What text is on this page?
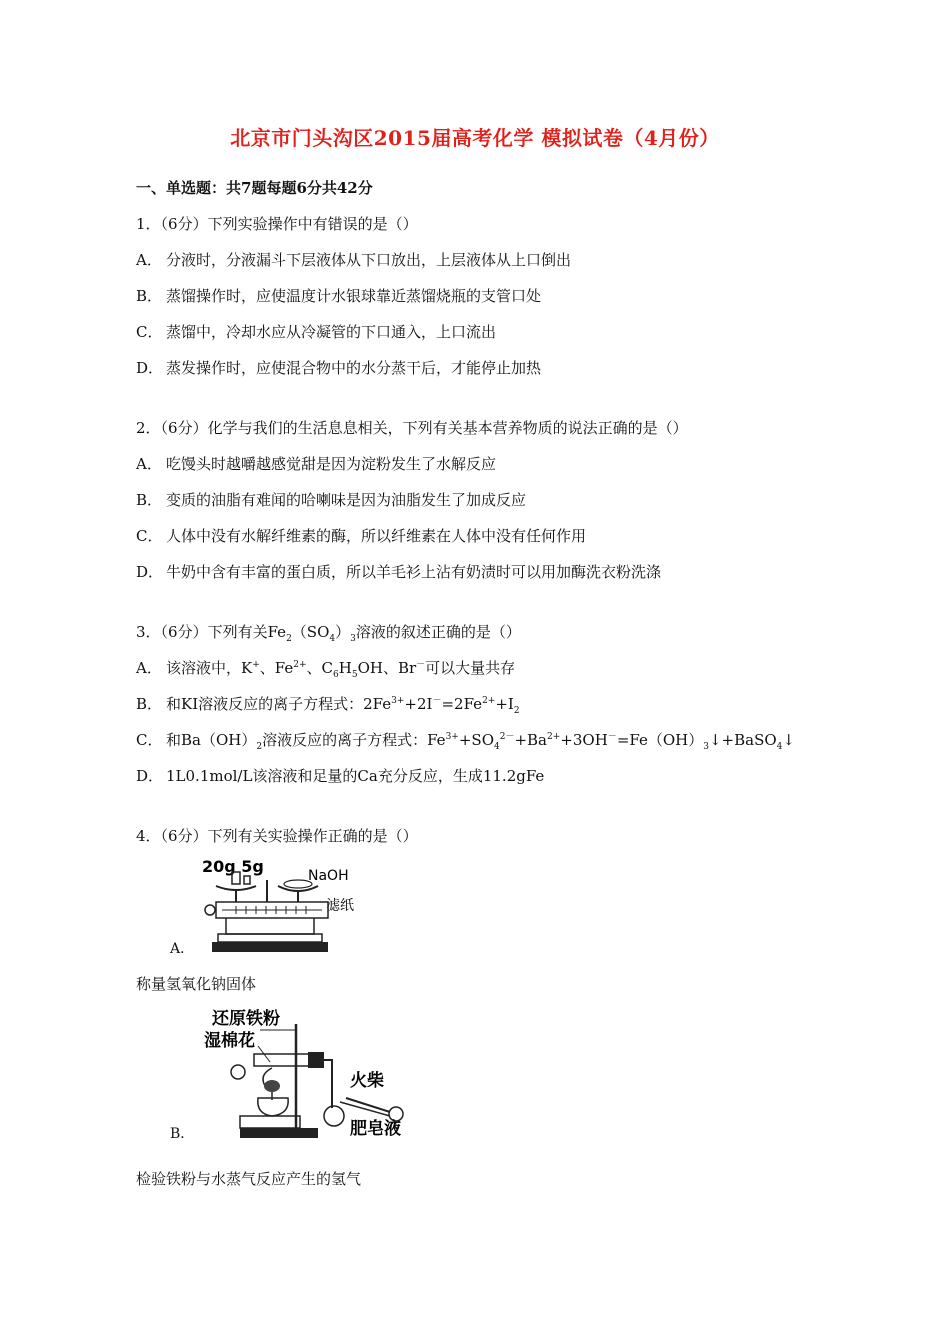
北京市门头沟区2015届高考化学 模拟试卷（4月份）
一、单选题：共7题每题6分共42分
1．（6分）下列实验操作中有错误的是（）
A． 分液时，分液漏斗下层液体从下口放出，上层液体从上口倒出
B． 蒸馏操作时，应使温度计水银球靠近蒸馏烧瓶的支管口处
C． 蒸馏中，冷却水应从冷凝管的下口通入，上口流出
D． 蒸发操作时，应使混合物中的水分蒸干后，才能停止加热
2．（6分）化学与我们的生活息息相关，下列有关基本营养物质的说法正确的是（）
A． 吃馒头时越嚼越感觉甜是因为淀粉发生了水解反应
B． 变质的油脂有难闻的哈喇味是因为油脂发生了加成反应
C． 人体中没有水解纤维素的酶，所以纤维素在人体中没有任何作用
D． 牛奶中含有丰富的蛋白质，所以羊毛衫上沾有奶渍时可以用加酶洗衣粉洗涤
3．（6分）下列有关$Fe_2(SO_4)_3$溶液的叙述正确的是（）
A． 该溶液中，K+、$Fe^{2+}$、$C_6H_5OH$、Br－可以大量共存
B． 和KI溶液反应的离子方程式：$2Fe^{3+}+2I^-=2Fe^{2+}+I_2$
C． 和$Ba(OH)_2$溶液反应的离子方程式：$Fe^{3+}+SO_4^{2-}+Ba^{2+}+3OH^-=Fe(OH)_3↓+BaSO_4↓$
D． 1L0.1mol/L该溶液和足量的Ca充分反应，生成11.2gFe
4．（6分）下列有关实验操作正确的是（）
A．
20g 5g	NaOH
滤纸
称量氢氧化钠固体
B．
还原铁粉
湿棉花
火柴
肥皂液
检验铁粉与水蒸气反应产生的氢气
